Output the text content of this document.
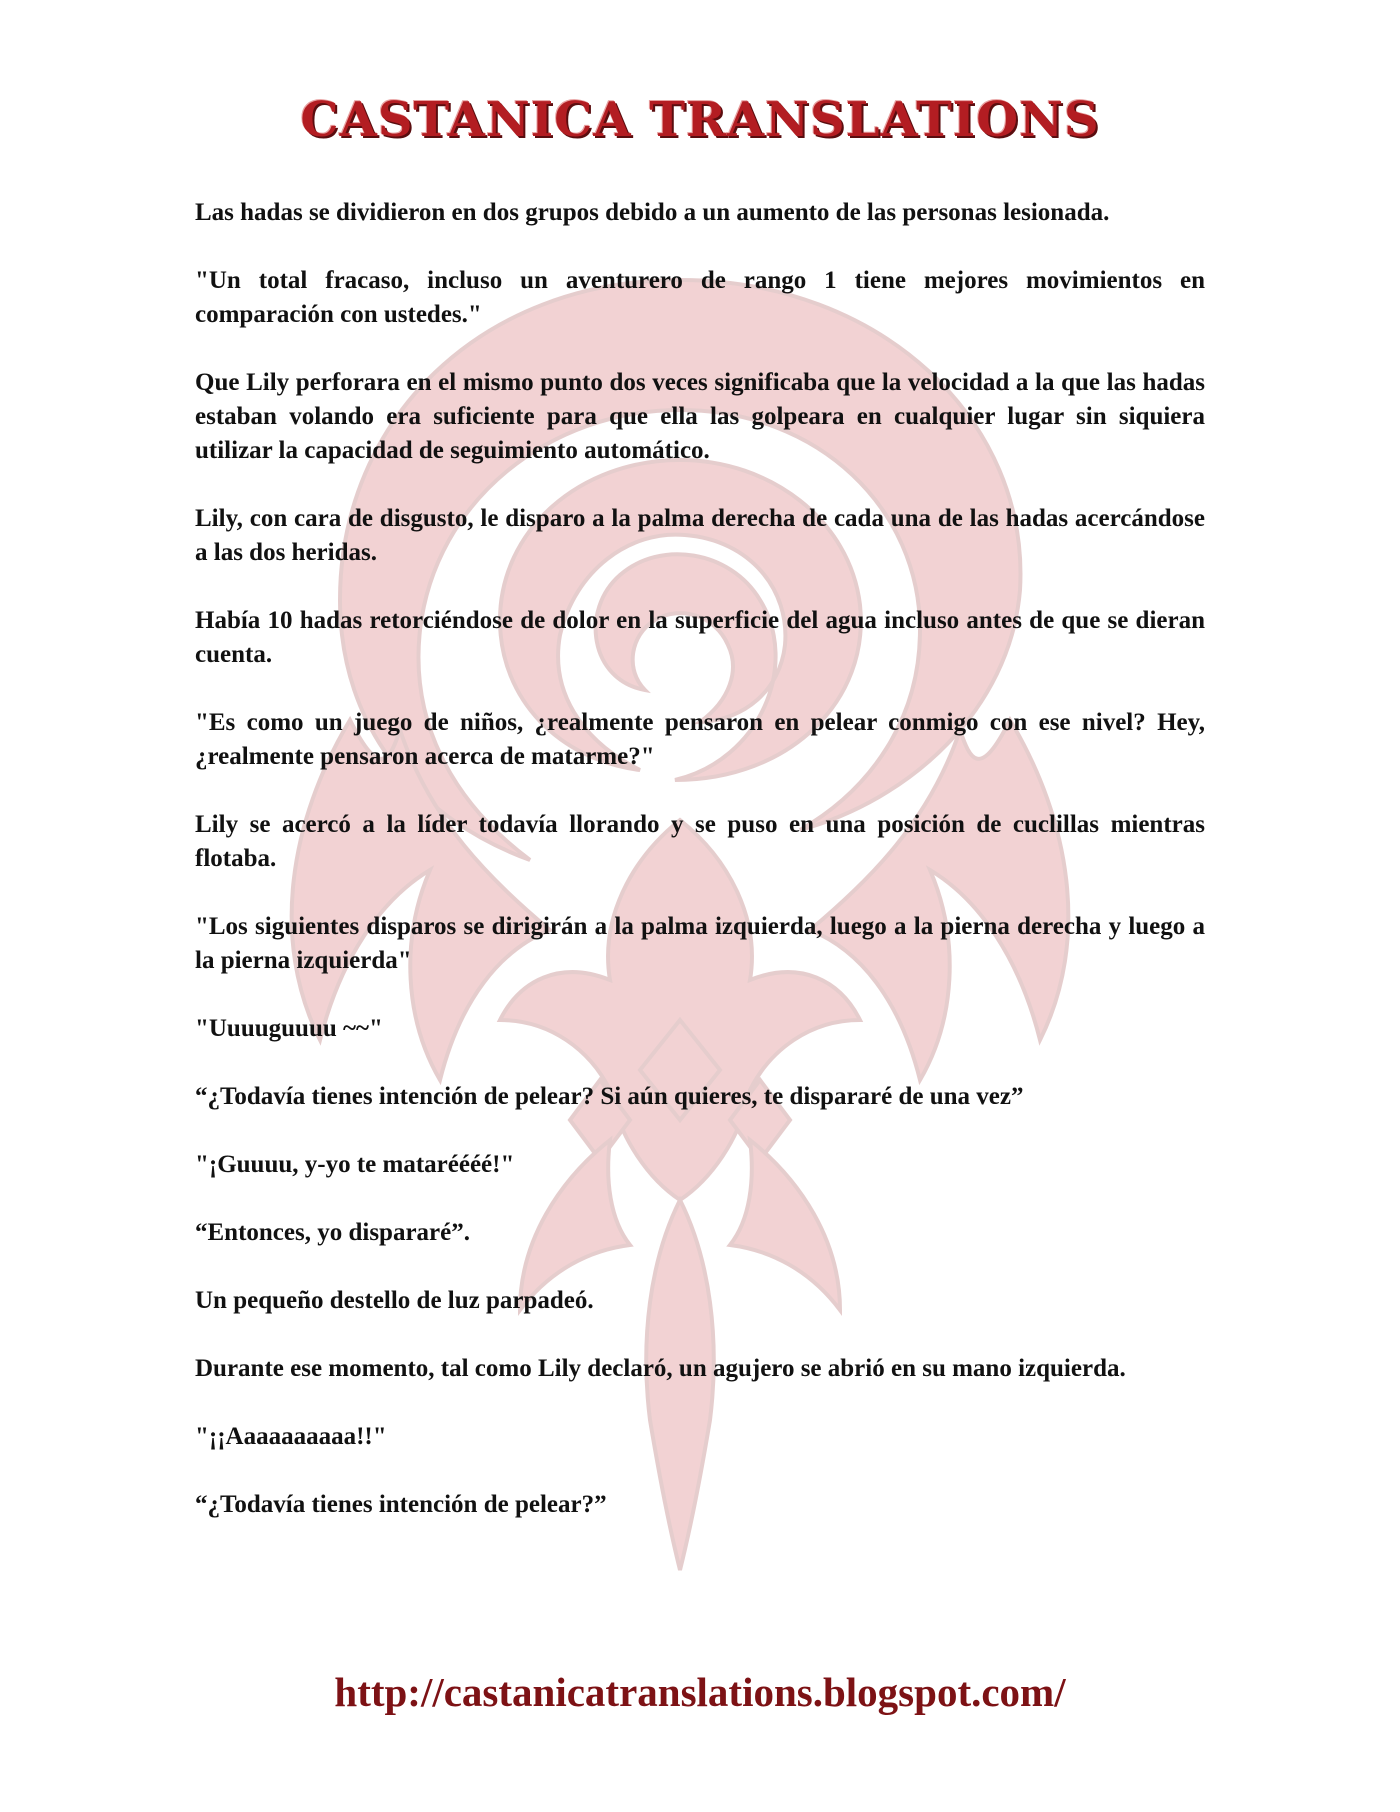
CASTANICA TRANSLATIONS

Las hadas se dividieron en dos grupos debido a un aumento de las personas lesionada.

"Un total fracaso, incluso un aventurero de rango 1 tiene mejores movimientos en comparación con ustedes."

Que Lily perforara en el mismo punto dos veces significaba que la velocidad a la que las hadas estaban volando era suficiente para que ella las golpeara en cualquier lugar sin siquiera utilizar la capacidad de seguimiento automático.

Lily, con cara de disgusto, le disparo a la palma derecha de cada una de las hadas acercándose a las dos heridas.

Había 10 hadas retorciéndose de dolor en la superficie del agua incluso antes de que se dieran cuenta.

"Es como un juego de niños, ¿realmente pensaron en pelear conmigo con ese nivel? Hey, ¿realmente pensaron acerca de matarme?"

Lily se acercó a la líder todavía llorando y se puso en una posición de cuclillas mientras flotaba.

"Los siguientes disparos se dirigirán a la palma izquierda, luego a la pierna derecha y luego a la pierna izquierda"

"Uuuuguuuu ~~"

“¿Todavía tienes intención de pelear? Si aún quieres, te dispararé de una vez”

"¡Guuuu, y-yo te mataréééé!"

“Entonces, yo dispararé”.

Un pequeño destello de luz parpadeó.

Durante ese momento, tal como Lily declaró, un agujero se abrió en su mano izquierda.

"¡¡Aaaaaaaaaa!!"

“¿Todavía tienes intención de pelear?”

http://castanicatranslations.blogspot.com/
